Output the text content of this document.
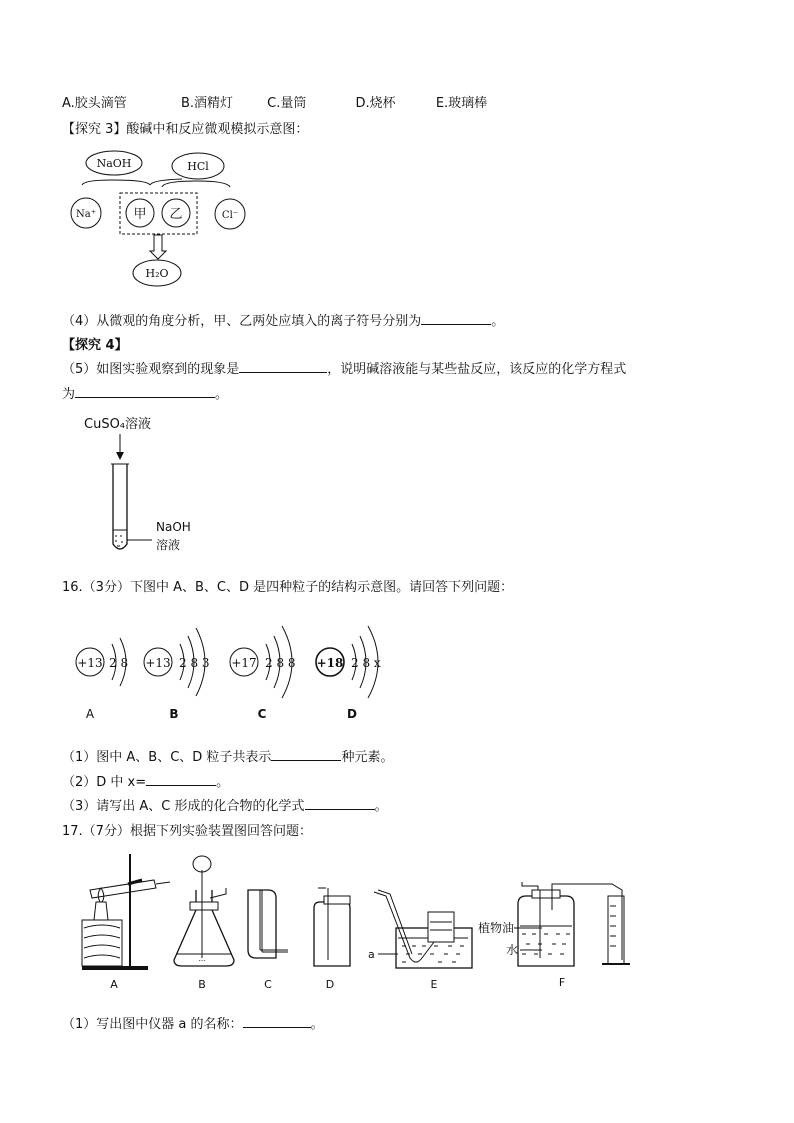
A.胶头滴管	B.酒精灯	C.量筒	D.烧杯	E.玻璃棒
【探究 3】酸碱中和反应微观模拟示意图：
NaOH	HCl
Na⁺	甲 乙	Cl⁻
H₂O
（4）从微观的角度分析，甲、乙两处应填入的离子符号分别为	。
【探究 4】
（5）如图实验观察到的现象是	，说明碱溶液能与某些盐反应，该反应的化学方程式
为	。
CuSO₄溶液
NaOH
溶液
16.（3分）下图中 A、B、C、D 是四种粒子的结构示意图。请回答下列问题：
+13 2 8
A
+13 2 8 3
B
+17 2 8 8
C
+18 2 8 x
D
（1）图中 A、B、C、D 粒子共表示	种元素。
（2）D 中 x=	。
（3）请写出 A、C 形成的化合物的化学式	。
17.（7分）根据下列实验装置图回答问题：
A
···
B	C	D
a
E
植物油
水
F
（1）写出图中仪器 a 的名称：	。
